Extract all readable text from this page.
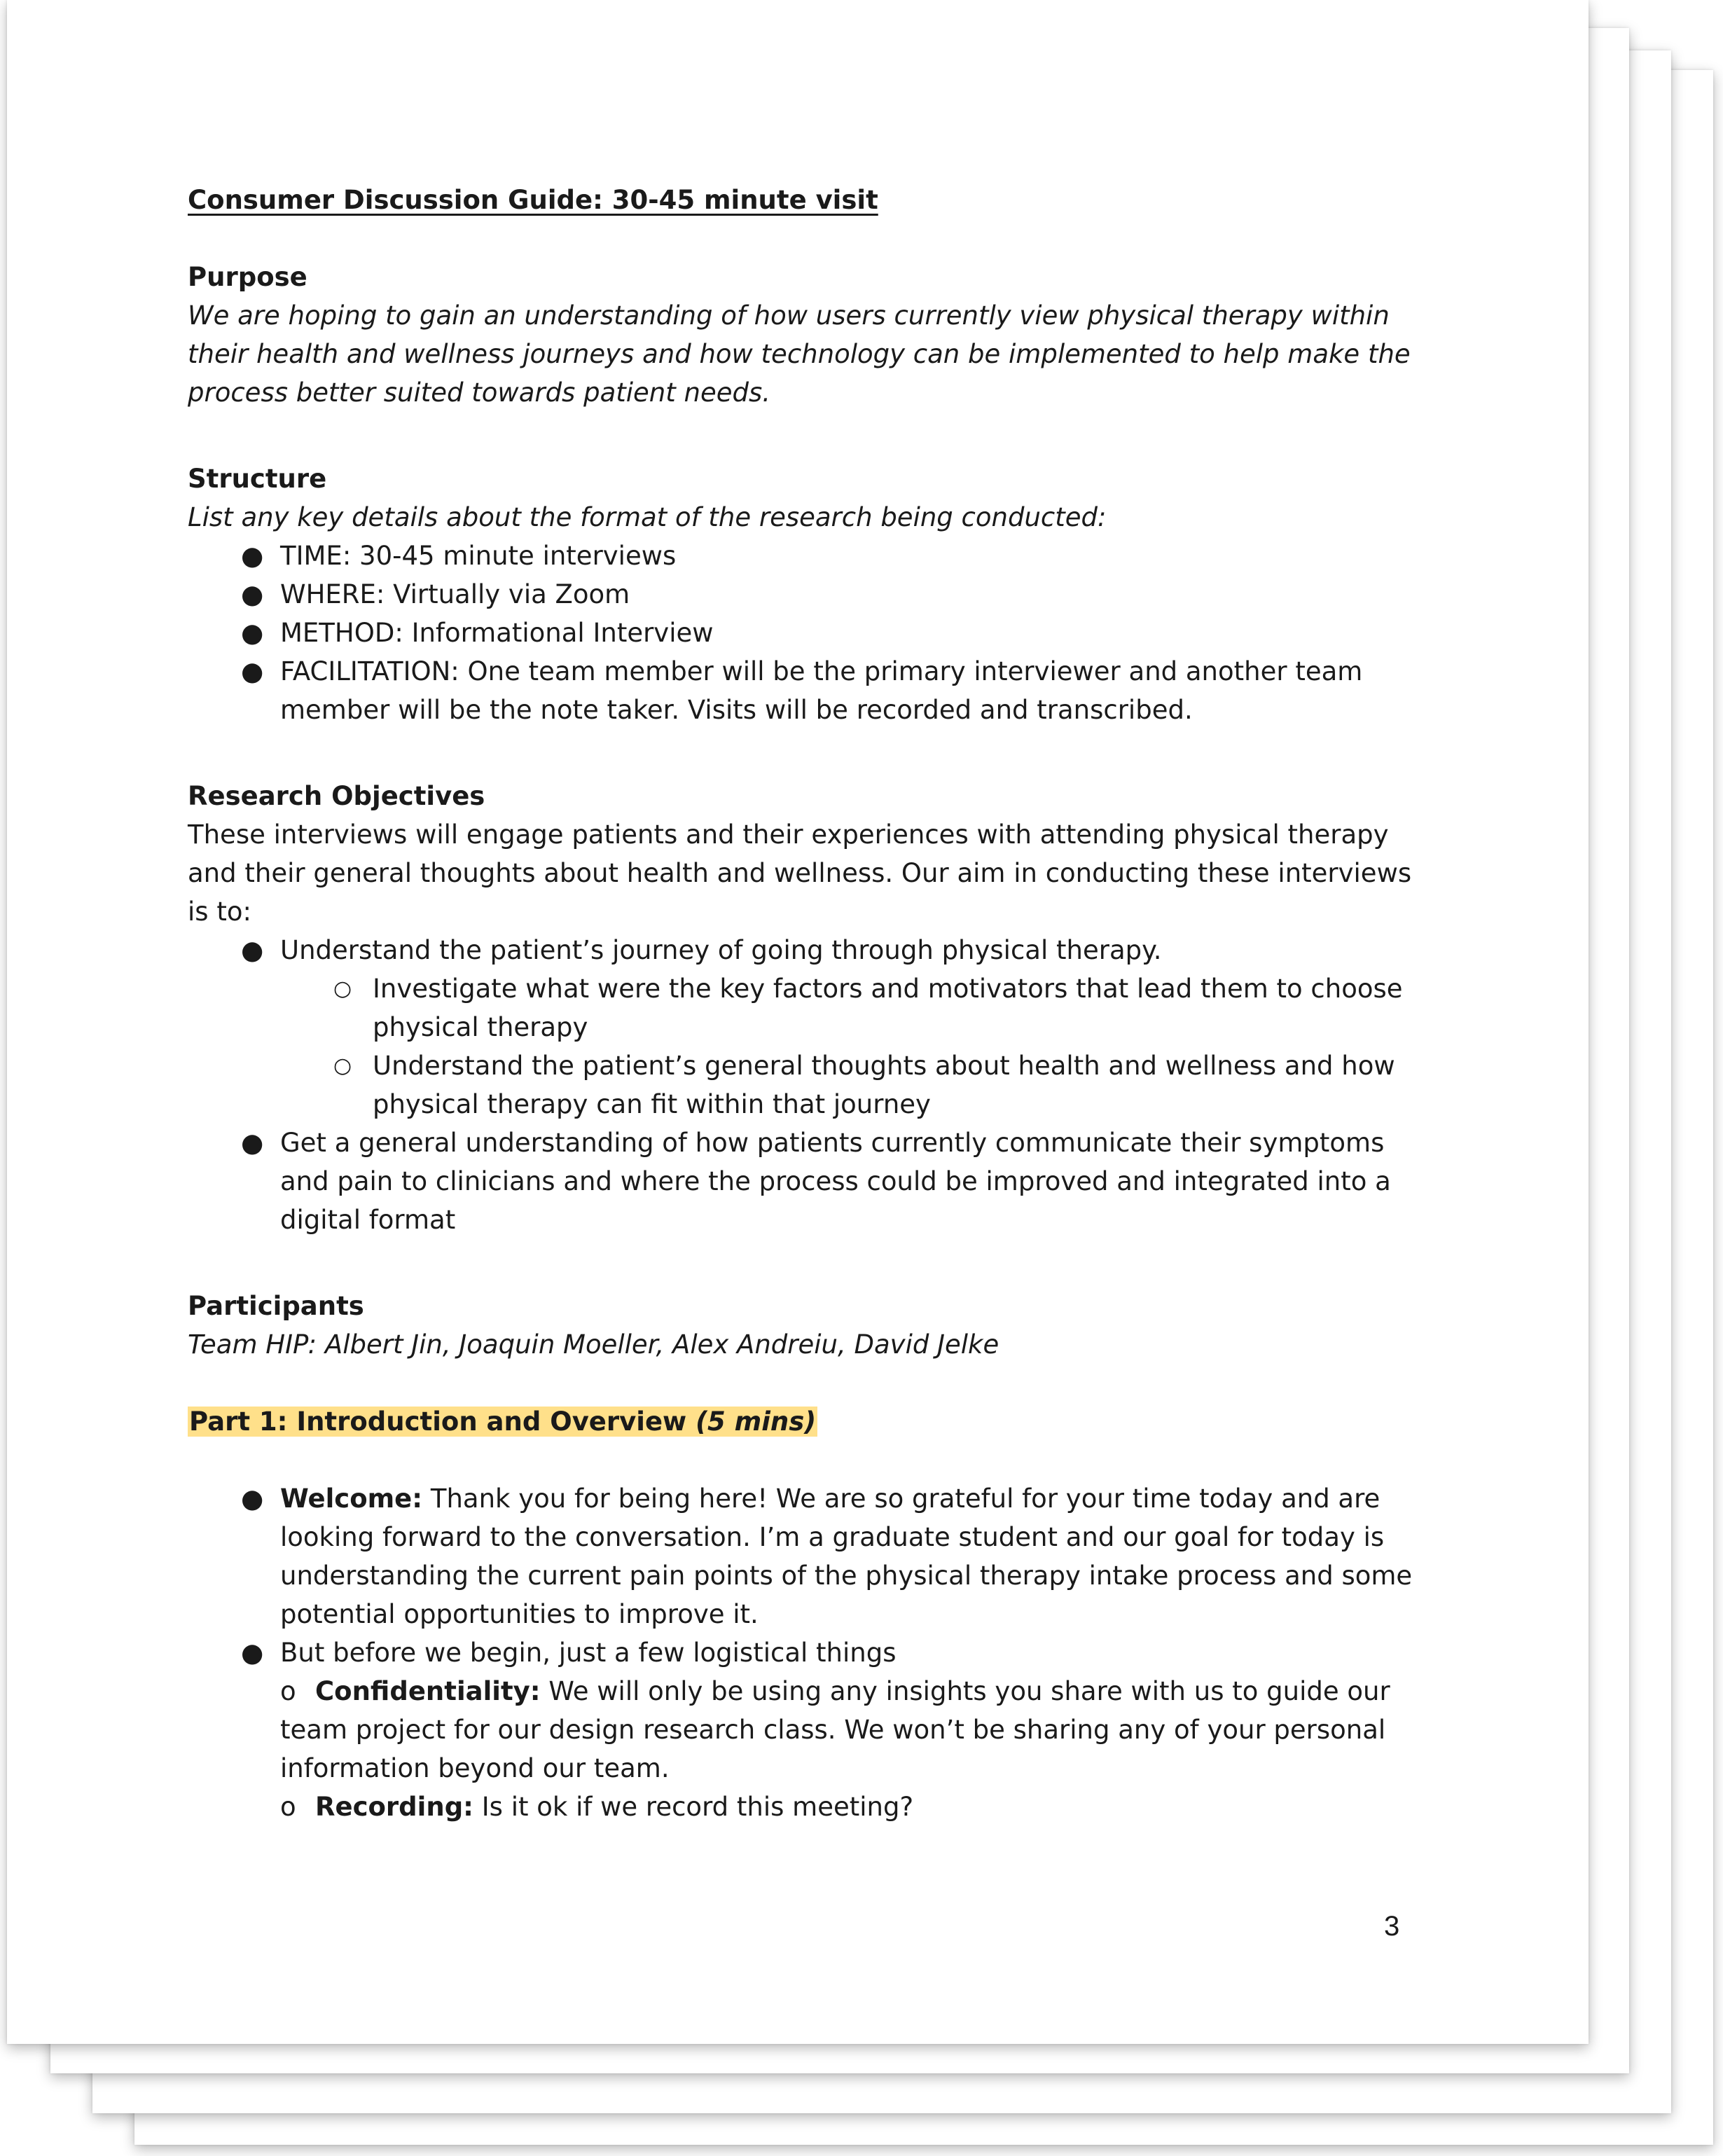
Consumer Discussion Guide: 30-45 minute visit
Purpose
We are hoping to gain an understanding of how users currently view physical therapy within their health and wellness journeys and how technology can be implemented to help make the process better suited towards patient needs.
Structure
List any key details about the format of the research being conducted:
● TIME: 30-45 minute interviews
● WHERE: Virtually via Zoom
● METHOD: Informational Interview
● FACILITATION: One team member will be the primary interviewer and another team member will be the note taker. Visits will be recorded and transcribed.
Research Objectives
These interviews will engage patients and their experiences with attending physical therapy and their general thoughts about health and wellness. Our aim in conducting these interviews is to:
● Understand the patient’s journey of going through physical therapy.
○ Investigate what were the key factors and motivators that lead them to choose physical therapy
○ Understand the patient’s general thoughts about health and wellness and how physical therapy can fit within that journey
● Get a general understanding of how patients currently communicate their symptoms and pain to clinicians and where the process could be improved and integrated into a digital format
Participants
Team HIP: Albert Jin, Joaquin Moeller, Alex Andreiu, David Jelke
Part 1: Introduction and Overview (5 mins)
● Welcome: Thank you for being here! We are so grateful for your time today and are looking forward to the conversation. I’m a graduate student and our goal for today is understanding the current pain points of the physical therapy intake process and some potential opportunities to improve it.
● But before we begin, just a few logistical things
o Confidentiality: We will only be using any insights you share with us to guide our team project for our design research class. We won’t be sharing any of your personal information beyond our team.
o Recording: Is it ok if we record this meeting?
3
